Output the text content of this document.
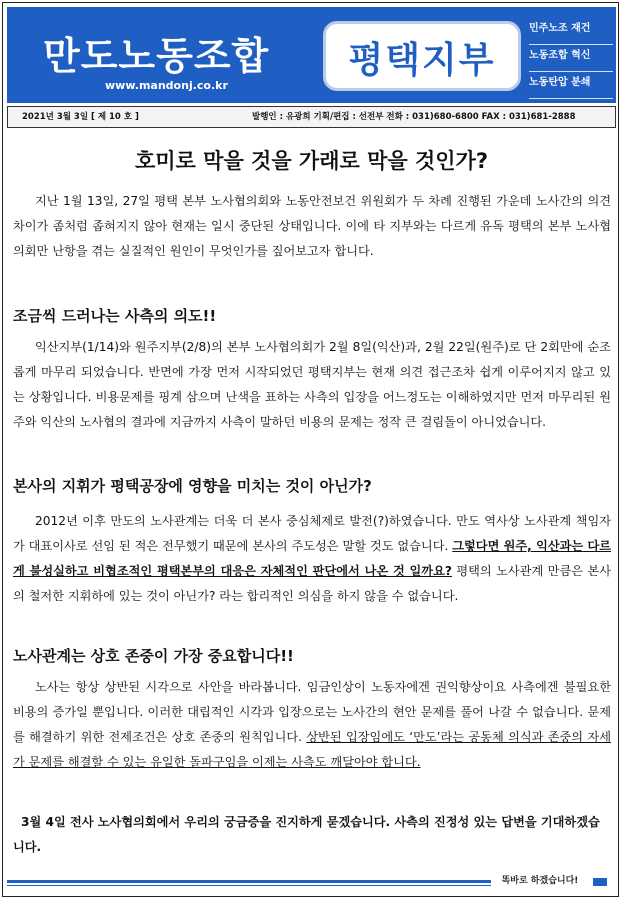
만도노동조합
www.mandonj.co.kr
평택지부
민주노조 재건
노동조합 혁신
노동탄압 분쇄
2021년 3월 3일 [ 제 10 호 ]	발행인 : 유광희 기획/편집 : 선전부 전화 : 031)680-6800 FAX : 031)681-2888
호미로 막을 것을 가래로 막을 것인가?

지난 1월 13일, 27일 평택 본부 노사협의회와 노동안전보건 위원회가 두 차례 진행된 가운데 노사간의 의견차이가 좀처럼 좁혀지지 않아 현재는 일시 중단된 상태입니다. 이에 타 지부와는 다르게 유독 평택의 본부 노사협의회만 난항을 겪는 실질적인 원인이 무엇인가를 짚어보고자 합니다.

조금씩 드러나는 사측의 의도!!

익산지부(1/14)와 원주지부(2/8)의 본부 노사협의회가 2월 8일(익산)과, 2월 22일(원주)로 단 2회만에 순조롭게 마무리 되었습니다. 반면에 가장 먼저 시작되었던 평택지부는 현재 의견 접근조차 쉽게 이루어지지 않고 있는 상황입니다. 비용문제를 핑계 삼으며 난색을 표하는 사측의 입장을 어느정도는 이해하였지만 먼저 마무리된 원주와 익산의 노사협의 결과에 지금까지 사측이 말하던 비용의 문제는 정작 큰 걸림돌이 아니었습니다.

본사의 지휘가 평택공장에 영향을 미치는 것이 아닌가?

2012년 이후 만도의 노사관계는 더욱 더 본사 중심체제로 발전(?)하였습니다. 만도 역사상 노사관계 책임자가 대표이사로 선임 된 적은 전무했기 때문에 본사의 주도성은 말할 것도 없습니다. 그렇다면 원주, 익산과는 다르게 불성실하고 비협조적인 평택본부의 대응은 자체적인 판단에서 나온 것 일까요? 평택의 노사관계 만큼은 본사의 철저한 지휘하에 있는 것이 아닌가? 라는 합리적인 의심을 하지 않을 수 없습니다.

노사관계는 상호 존중이 가장 중요합니다!!

노사는 항상 상반된 시각으로 사안을 바라봅니다. 임금인상이 노동자에겐 권익향상이요 사측에겐 불필요한 비용의 증가일 뿐입니다. 이러한 대립적인 시각과 입장으로는 노사간의 현안 문제를 풀어 나갈 수 없습니다. 문제를 해결하기 위한 전제조건은 상호 존중의 원칙입니다. 상반된 입장임에도 ‘만도’라는 공동체 의식과 존중의 자세가 문제를 해결할 수 있는 유일한 돌파구임을 이제는 사측도 깨달아야 합니다.

3월 4일 전사 노사협의회에서 우리의 궁금증을 진지하게 묻겠습니다. 사측의 진정성 있는 답변을 기대하겠습니다.

똑바로 하겠습니다!
